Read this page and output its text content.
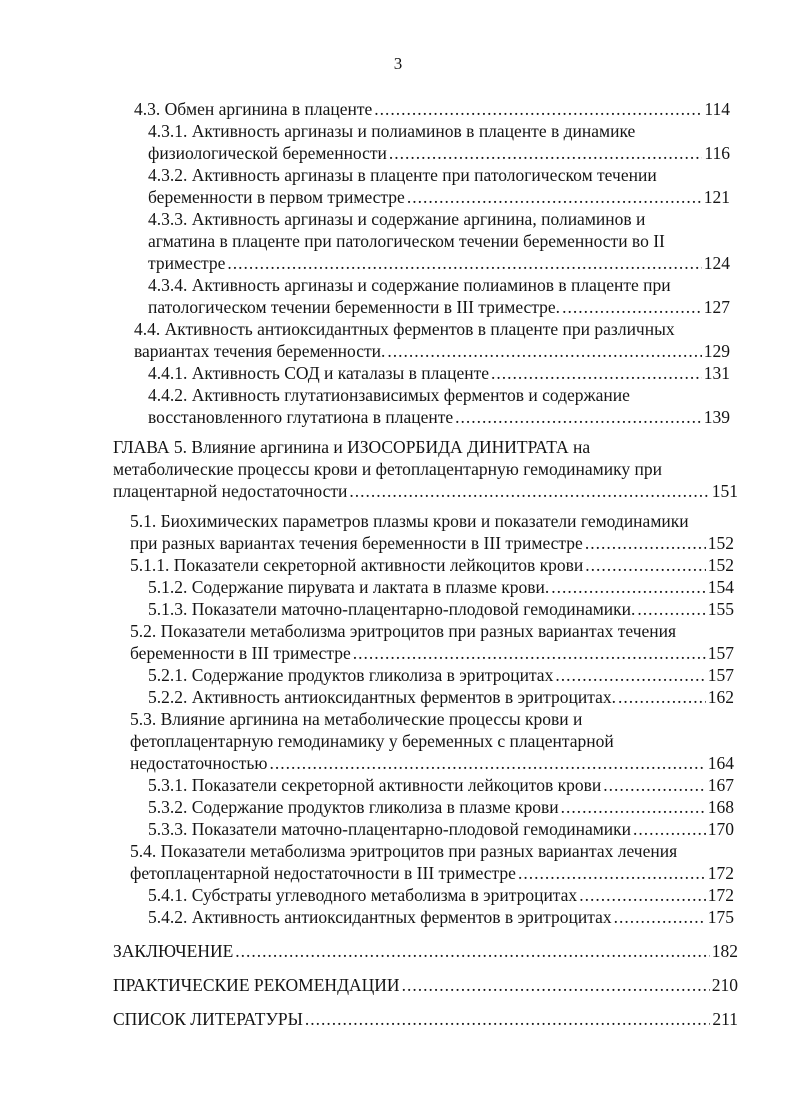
3
4.3. Обмен аргинина в плаценте .....	114
4.3.1. Активность аргиназы и полиаминов в плаценте в динамике
физиологической беременности .....	116
4.3.2. Активность аргиназы в плаценте при патологическом течении
беременности в первом триместре .....	121
4.3.3. Активность аргиназы и содержание аргинина, полиаминов и
агматина в плаценте при патологическом течении беременности во II
триместре .....	124
4.3.4. Активность аргиназы и содержание полиаминов в плаценте при
патологическом течении беременности в III триместре. .....	127
4.4. Активность антиоксидантных ферментов в плаценте при различных
вариантах течения беременности. .....	129
4.4.1. Активность СОД и каталазы в плаценте .....	131
4.4.2. Активность глутатионзависимых ферментов и содержание
восстановленного глутатиона в плаценте .....	139
ГЛАВА 5. Влияние аргинина и ИЗОСОРБИДА ДИНИТРАТА на
метаболические процессы крови и фетоплацентарную гемодинамику при
плацентарной недостаточности .....	151
5.1. Биохимических параметров плазмы крови и показатели гемодинамики
при разных вариантах течения беременности в III триместре .....	152
5.1.1. Показатели секреторной активности лейкоцитов крови .....	152
5.1.2. Содержание пирувата и лактата в плазме крови. .....	154
5.1.3. Показатели маточно-плацентарно-плодовой гемодинамики. .....	155
5.2. Показатели метаболизма эритроцитов при разных вариантах течения
беременности в III триместре .....	157
5.2.1. Содержание продуктов гликолиза в эритроцитах .....	157
5.2.2. Активность антиоксидантных ферментов в эритроцитах. .....	162
5.3. Влияние аргинина на метаболические процессы крови и
фетоплацентарную гемодинамику у беременных с плацентарной
недостаточностью .....	164
5.3.1. Показатели секреторной активности лейкоцитов крови .....	167
5.3.2. Содержание продуктов гликолиза в плазме крови .....	168
5.3.3. Показатели маточно-плацентарно-плодовой гемодинамики .....	170
5.4. Показатели метаболизма эритроцитов при разных вариантах лечения
фетоплацентарной недостаточности в III триместре .....	172
5.4.1. Субстраты углеводного метаболизма в эритроцитах .....	172
5.4.2. Активность антиоксидантных ферментов в эритроцитах .....	175
ЗАКЛЮЧЕНИЕ .....	182
ПРАКТИЧЕСКИЕ РЕКОМЕНДАЦИИ .....	210
СПИСОК ЛИТЕРАТУРЫ .....	211
